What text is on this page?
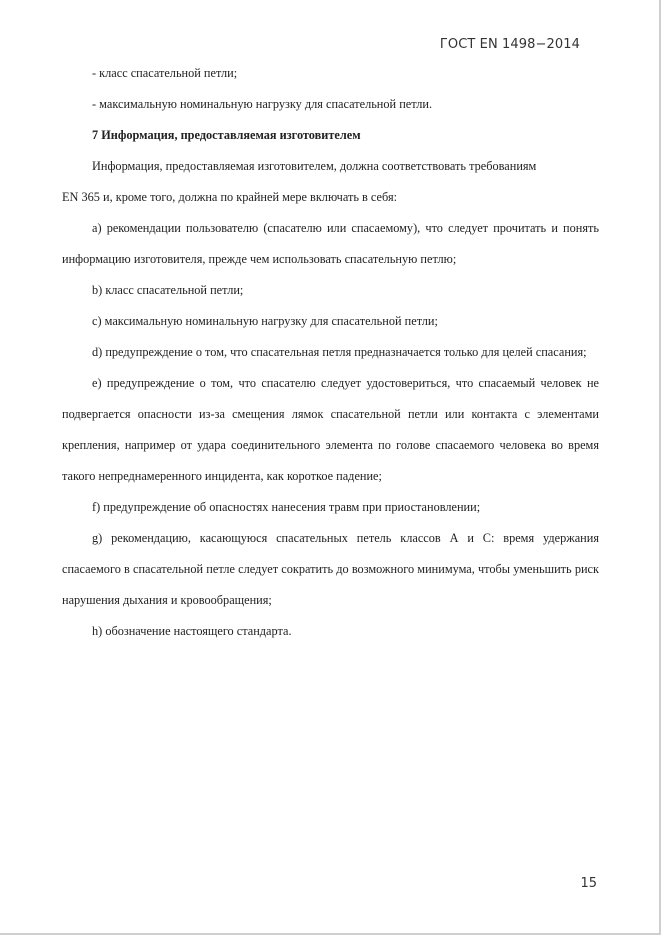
ГОСТ EN 1498−2014

- класс спасательной петли;

- максимальную номинальную нагрузку для спасательной петли.

7 Информация, предоставляемая изготовителем

Информация, предоставляемая изготовителем, должна соответствовать требованиям

EN 365 и, кроме того, должна по крайней мере включать в себя:

a) рекомендации пользователю (спасателю или спасаемому), что следует прочитать и понять информацию изготовителя, прежде чем использовать спасательную петлю;

b) класс спасательной петли;

c) максимальную номинальную нагрузку для спасательной петли;

d) предупреждение о том, что спасательная петля предназначается только для целей спасания;

e) предупреждение о том, что спасателю следует удостовериться, что спасаемый человек не подвергается опасности из-за смещения лямок спасательной петли или контакта с элементами крепления, например от удара соединительного элемента по голове спасаемого человека во время такого непреднамеренного инцидента, как короткое падение;

f) предупреждение об опасностях нанесения травм при приостановлении;

g) рекомендацию, касающуюся спасательных петель классов А и С: время удержания спасаемого в спасательной петле следует сократить до возможного минимума, чтобы уменьшить риск нарушения дыхания и кровообращения;

h) обозначение настоящего стандарта.

15
